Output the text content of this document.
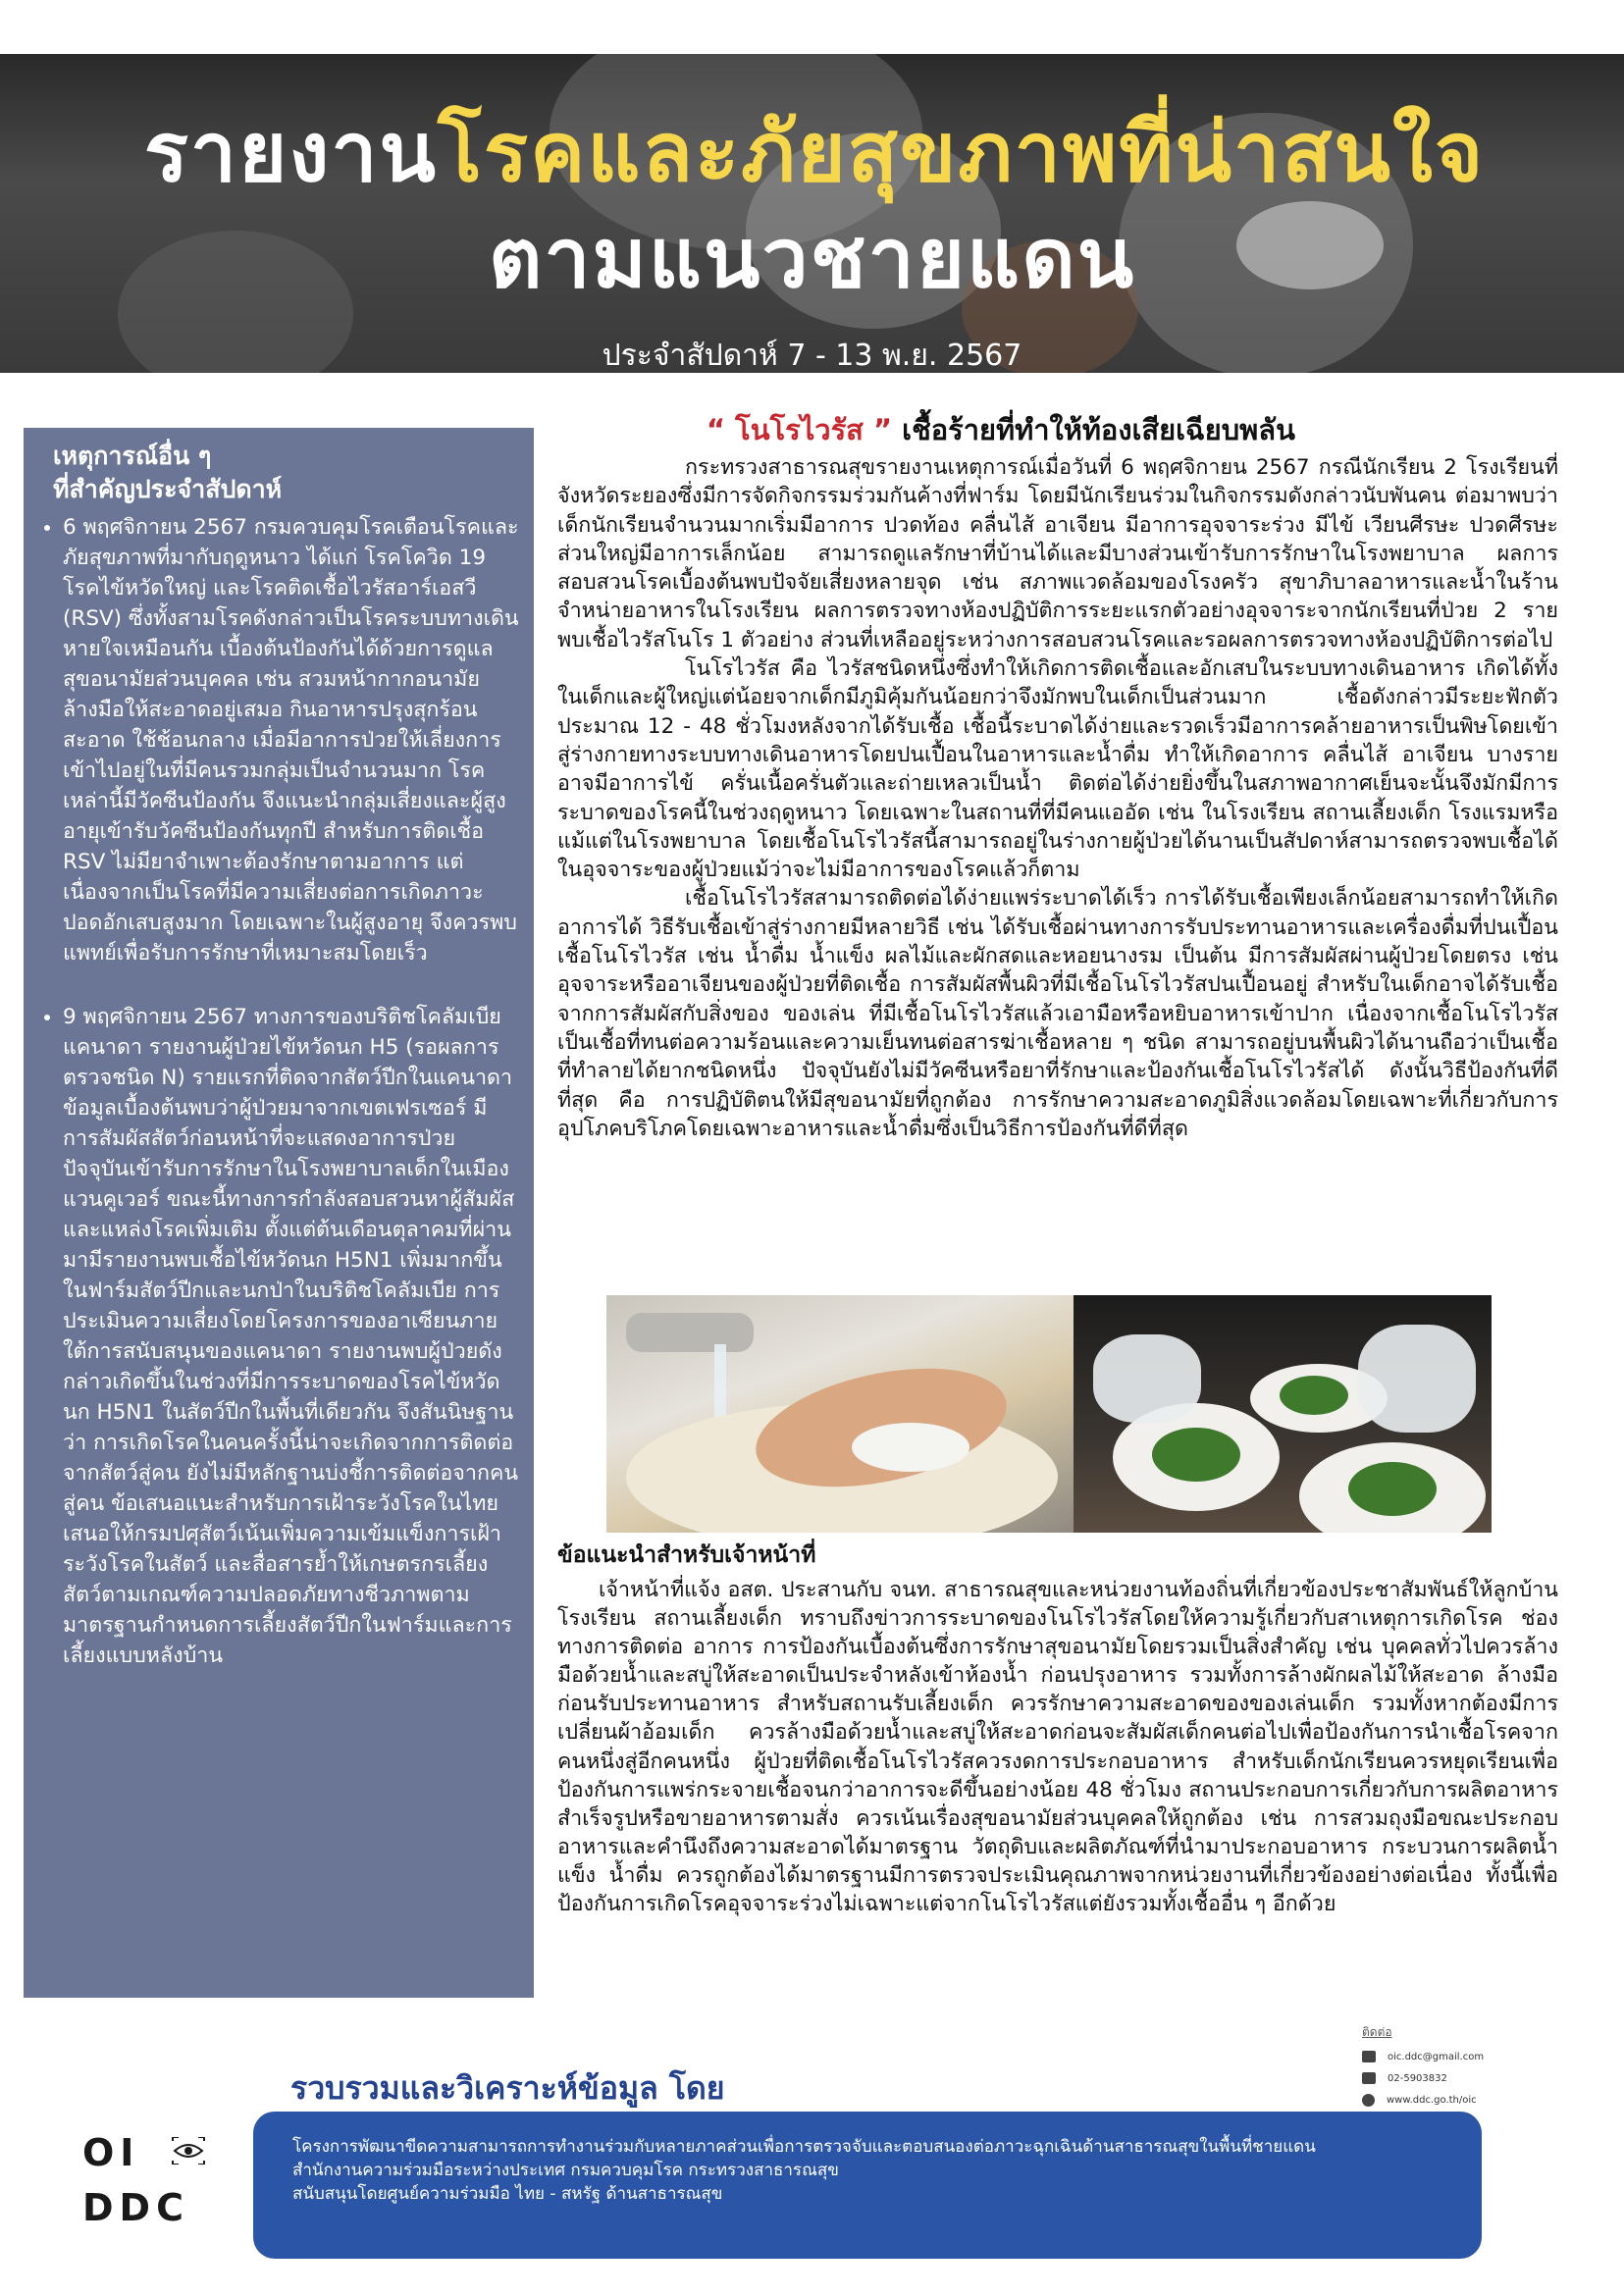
รายงานโรคและภัยสุขภาพที่น่าสนใจ
ตามแนวชายแดน
ประจำสัปดาห์ 7 - 13 พ.ย. 2567
เหตุการณ์อื่น ๆ
ที่สำคัญประจำสัปดาห์
• 6 พฤศจิกายน 2567 กรมควบคุมโรคเตือนโรคและภัยสุขภาพที่มากับฤดูหนาว ได้แก่ โรคโควิด 19 โรคไข้หวัดใหญ่ และโรคติดเชื้อไวรัสอาร์เอสวี (RSV) ซึ่งทั้งสามโรคดังกล่าวเป็นโรคระบบทางเดินหายใจเหมือนกัน เบื้องต้นป้องกันได้ด้วยการดูแลสุขอนามัยส่วนบุคคล เช่น สวมหน้ากากอนามัย ล้างมือให้สะอาดอยู่เสมอ กินอาหารปรุงสุกร้อนสะอาด ใช้ช้อนกลาง เมื่อมีอาการป่วยให้เลี่ยงการเข้าไปอยู่ในที่มีคนรวมกลุ่มเป็นจำนวนมาก โรคเหล่านี้มีวัคซีนป้องกัน จึงแนะนำกลุ่มเสี่ยงและผู้สูงอายุเข้ารับวัคซีนป้องกันทุกปี สำหรับการติดเชื้อ RSV ไม่มียาจำเพาะต้องรักษาตามอาการ แต่เนื่องจากเป็นโรคที่มีความเสี่ยงต่อการเกิดภาวะปอดอักเสบสูงมาก โดยเฉพาะในผู้สูงอายุ จึงควรพบแพทย์เพื่อรับการรักษาที่เหมาะสมโดยเร็ว
• 9 พฤศจิกายน 2567 ทางการของบริติชโคลัมเบีย แคนาดา รายงานผู้ป่วยไข้หวัดนก H5 (รอผลการตรวจชนิด N) รายแรกที่ติดจากสัตว์ปีกในแคนาดา ข้อมูลเบื้องต้นพบว่าผู้ป่วยมาจากเขตเฟรเซอร์ มีการสัมผัสสัตว์ก่อนหน้าที่จะแสดงอาการป่วย ปัจจุบันเข้ารับการรักษาในโรงพยาบาลเด็กในเมืองแวนคูเวอร์ ขณะนี้ทางการกำลังสอบสวนหาผู้สัมผัสและแหล่งโรคเพิ่มเติม ตั้งแต่ต้นเดือนตุลาคมที่ผ่านมามีรายงานพบเชื้อไข้หวัดนก H5N1 เพิ่มมากขึ้นในฟาร์มสัตว์ปีกและนกป่าในบริติชโคลัมเบีย การประเมินความเสี่ยงโดยโครงการของอาเซียนภายใต้การสนับสนุนของแคนาดา รายงานพบผู้ป่วยดังกล่าวเกิดขึ้นในช่วงที่มีการระบาดของโรคไข้หวัดนก H5N1 ในสัตว์ปีกในพื้นที่เดียวกัน จึงสันนิษฐานว่า การเกิดโรคในคนครั้งนี้น่าจะเกิดจากการติดต่อจากสัตว์สู่คน ยังไม่มีหลักฐานบ่งชี้การติดต่อจากคนสู่คน ข้อเสนอแนะสำหรับการเฝ้าระวังโรคในไทยเสนอให้กรมปศุสัตว์เน้นเพิ่มความเข้มแข็งการเฝ้าระวังโรคในสัตว์ และสื่อสารย้ำให้เกษตรกรเลี้ยงสัตว์ตามเกณฑ์ความปลอดภัยทางชีวภาพตามมาตรฐานกำหนดการเลี้ยงสัตว์ปีกในฟาร์มและการเลี้ยงแบบหลังบ้าน
“ โนโรไวรัส ” เชื้อร้ายที่ทำให้ท้องเสียเฉียบพลัน

กระทรวงสาธารณสุขรายงานเหตุการณ์เมื่อวันที่ 6 พฤศจิกายน 2567 กรณีนักเรียน 2 โรงเรียนที่จังหวัดระยองซึ่งมีการจัดกิจกรรมร่วมกันค้างที่ฟาร์ม โดยมีนักเรียนร่วมในกิจกรรมดังกล่าวนับพันคน ต่อมาพบว่าเด็กนักเรียนจำนวนมากเริ่มมีอาการ ปวดท้อง คลื่นไส้ อาเจียน มีอาการอุจจาระร่วง มีไข้ เวียนศีรษะ ปวดศีรษะ ส่วนใหญ่มีอาการเล็กน้อย สามารถดูแลรักษาที่บ้านได้และมีบางส่วนเข้ารับการรักษาในโรงพยาบาล ผลการสอบสวนโรคเบื้องต้นพบปัจจัยเสี่ยงหลายจุด เช่น สภาพแวดล้อมของโรงครัว สุขาภิบาลอาหารและน้ำในร้านจำหน่ายอาหารในโรงเรียน ผลการตรวจทางห้องปฏิบัติการระยะแรกตัวอย่างอุจจาระจากนักเรียนที่ป่วย 2 ราย พบเชื้อไวรัสโนโร 1 ตัวอย่าง ส่วนที่เหลืออยู่ระหว่างการสอบสวนโรคและรอผลการตรวจทางห้องปฏิบัติการต่อไป

โนโรไวรัส คือ ไวรัสชนิดหนึ่งซึ่งทำให้เกิดการติดเชื้อและอักเสบในระบบทางเดินอาหาร เกิดได้ทั้งในเด็กและผู้ใหญ่แต่น้อยจากเด็กมีภูมิคุ้มกันน้อยกว่าจึงมักพบในเด็กเป็นส่วนมาก เชื้อดังกล่าวมีระยะฟักตัวประมาณ 12 - 48 ชั่วโมงหลังจากได้รับเชื้อ เชื้อนี้ระบาดได้ง่ายและรวดเร็วมีอาการคล้ายอาหารเป็นพิษโดยเข้าสู่ร่างกายทางระบบทางเดินอาหารโดยปนเปื้อนในอาหารและน้ำดื่ม ทำให้เกิดอาการ คลื่นไส้ อาเจียน บางรายอาจมีอาการไข้ ครั่นเนื้อครั่นตัวและถ่ายเหลวเป็นน้ำ ติดต่อได้ง่ายยิ่งขึ้นในสภาพอากาศเย็นจะนั้นจึงมักมีการระบาดของโรคนี้ในช่วงฤดูหนาว โดยเฉพาะในสถานที่ที่มีคนแออัด เช่น ในโรงเรียน สถานเลี้ยงเด็ก โรงแรมหรือแม้แต่ในโรงพยาบาล โดยเชื้อโนโรไวรัสนี้สามารถอยู่ในร่างกายผู้ป่วยได้นานเป็นสัปดาห์สามารถตรวจพบเชื้อได้ในอุจจาระของผู้ป่วยแม้ว่าจะไม่มีอาการของโรคแล้วก็ตาม

เชื้อโนโรไวรัสสามารถติดต่อได้ง่ายแพร่ระบาดได้เร็ว การได้รับเชื้อเพียงเล็กน้อยสามารถทำให้เกิดอาการได้ วิธีรับเชื้อเข้าสู่ร่างกายมีหลายวิธี เช่น ได้รับเชื้อผ่านทางการรับประทานอาหารและเครื่องดื่มที่ปนเปื้อนเชื้อโนโรไวรัส เช่น น้ำดื่ม น้ำแข็ง ผลไม้และผักสดและหอยนางรม เป็นต้น มีการสัมผัสผ่านผู้ป่วยโดยตรง เช่น อุจจาระหรืออาเจียนของผู้ป่วยที่ติดเชื้อ การสัมผัสพื้นผิวที่มีเชื้อโนโรไวรัสปนเปื้อนอยู่ สำหรับในเด็กอาจได้รับเชื้อจากการสัมผัสกับสิ่งของ ของเล่น ที่มีเชื้อโนโรไวรัสแล้วเอามือหรือหยิบอาหารเข้าปาก เนื่องจากเชื้อโนโรไวรัสเป็นเชื้อที่ทนต่อความร้อนและความเย็นทนต่อสารฆ่าเชื้อหลาย ๆ ชนิด สามารถอยู่บนพื้นผิวได้นานถือว่าเป็นเชื้อที่ทำลายได้ยากชนิดหนึ่ง ปัจจุบันยังไม่มีวัคซีนหรือยาที่รักษาและป้องกันเชื้อโนโรไวรัสได้ ดังนั้นวิธีป้องกันที่ดีที่สุด คือ การปฏิบัติตนให้มีสุขอนามัยที่ถูกต้อง การรักษาความสะอาดภูมิสิ่งแวดล้อมโดยเฉพาะที่เกี่ยวกับการอุปโภคบริโภคโดยเฉพาะอาหารและน้ำดื่มซึ่งเป็นวิธีการป้องกันที่ดีที่สุด

ข้อแนะนำสำหรับเจ้าหน้าที่

เจ้าหน้าที่แจ้ง อสต. ประสานกับ จนท. สาธารณสุขและหน่วยงานท้องถิ่นที่เกี่ยวข้องประชาสัมพันธ์ให้ลูกบ้าน โรงเรียน สถานเลี้ยงเด็ก ทราบถึงข่าวการระบาดของโนโรไวรัสโดยให้ความรู้เกี่ยวกับสาเหตุการเกิดโรค ช่องทางการติดต่อ อาการ การป้องกันเบื้องต้นซึ่งการรักษาสุขอนามัยโดยรวมเป็นสิ่งสำคัญ เช่น บุคคลทั่วไปควรล้างมือด้วยน้ำและสบู่ให้สะอาดเป็นประจำหลังเข้าห้องน้ำ ก่อนปรุงอาหาร รวมทั้งการล้างผักผลไม้ให้สะอาด ล้างมือก่อนรับประทานอาหาร สำหรับสถานรับเลี้ยงเด็ก ควรรักษาความสะอาดของของเล่นเด็ก รวมทั้งหากต้องมีการเปลี่ยนผ้าอ้อมเด็ก ควรล้างมือด้วยน้ำและสบู่ให้สะอาดก่อนจะสัมผัสเด็กคนต่อไปเพื่อป้องกันการนำเชื้อโรคจากคนหนึ่งสู่อีกคนหนึ่ง ผู้ป่วยที่ติดเชื้อโนโรไวรัสควรงดการประกอบอาหาร สำหรับเด็กนักเรียนควรหยุดเรียนเพื่อป้องกันการแพร่กระจายเชื้อจนกว่าอาการจะดีขึ้นอย่างน้อย 48 ชั่วโมง สถานประกอบการเกี่ยวกับการผลิตอาหารสำเร็จรูปหรือขายอาหารตามสั่ง ควรเน้นเรื่องสุขอนามัยส่วนบุคคลให้ถูกต้อง เช่น การสวมถุงมือขณะประกอบอาหารและคำนึงถึงความสะอาดได้มาตรฐาน วัตถุดิบและผลิตภัณฑ์ที่นำมาประกอบอาหาร กระบวนการผลิตน้ำแข็ง น้ำดื่ม ควรถูกต้องได้มาตรฐานมีการตรวจประเมินคุณภาพจากหน่วยงานที่เกี่ยวข้องอย่างต่อเนื่อง ทั้งนี้เพื่อป้องกันการเกิดโรคอุจจาระร่วงไม่เฉพาะแต่จากโนโรไวรัสแต่ยังรวมทั้งเชื้ออื่น ๆ อีกด้วย

ติดต่อ
oic.ddc@gmail.com
02-5903832
www.ddc.go.th/oic
รวบรวมและวิเคราะห์ข้อมูล โดย
OI
DDC
โครงการพัฒนาขีดความสามารถการทำงานร่วมกับหลายภาคส่วนเพื่อการตรวจจับและตอบสนองต่อภาวะฉุกเฉินด้านสาธารณสุขในพื้นที่ชายแดน
สำนักงานความร่วมมือระหว่างประเทศ กรมควบคุมโรค กระทรวงสาธารณสุข
สนับสนุนโดยศูนย์ความร่วมมือ ไทย - สหรัฐ ด้านสาธารณสุข
